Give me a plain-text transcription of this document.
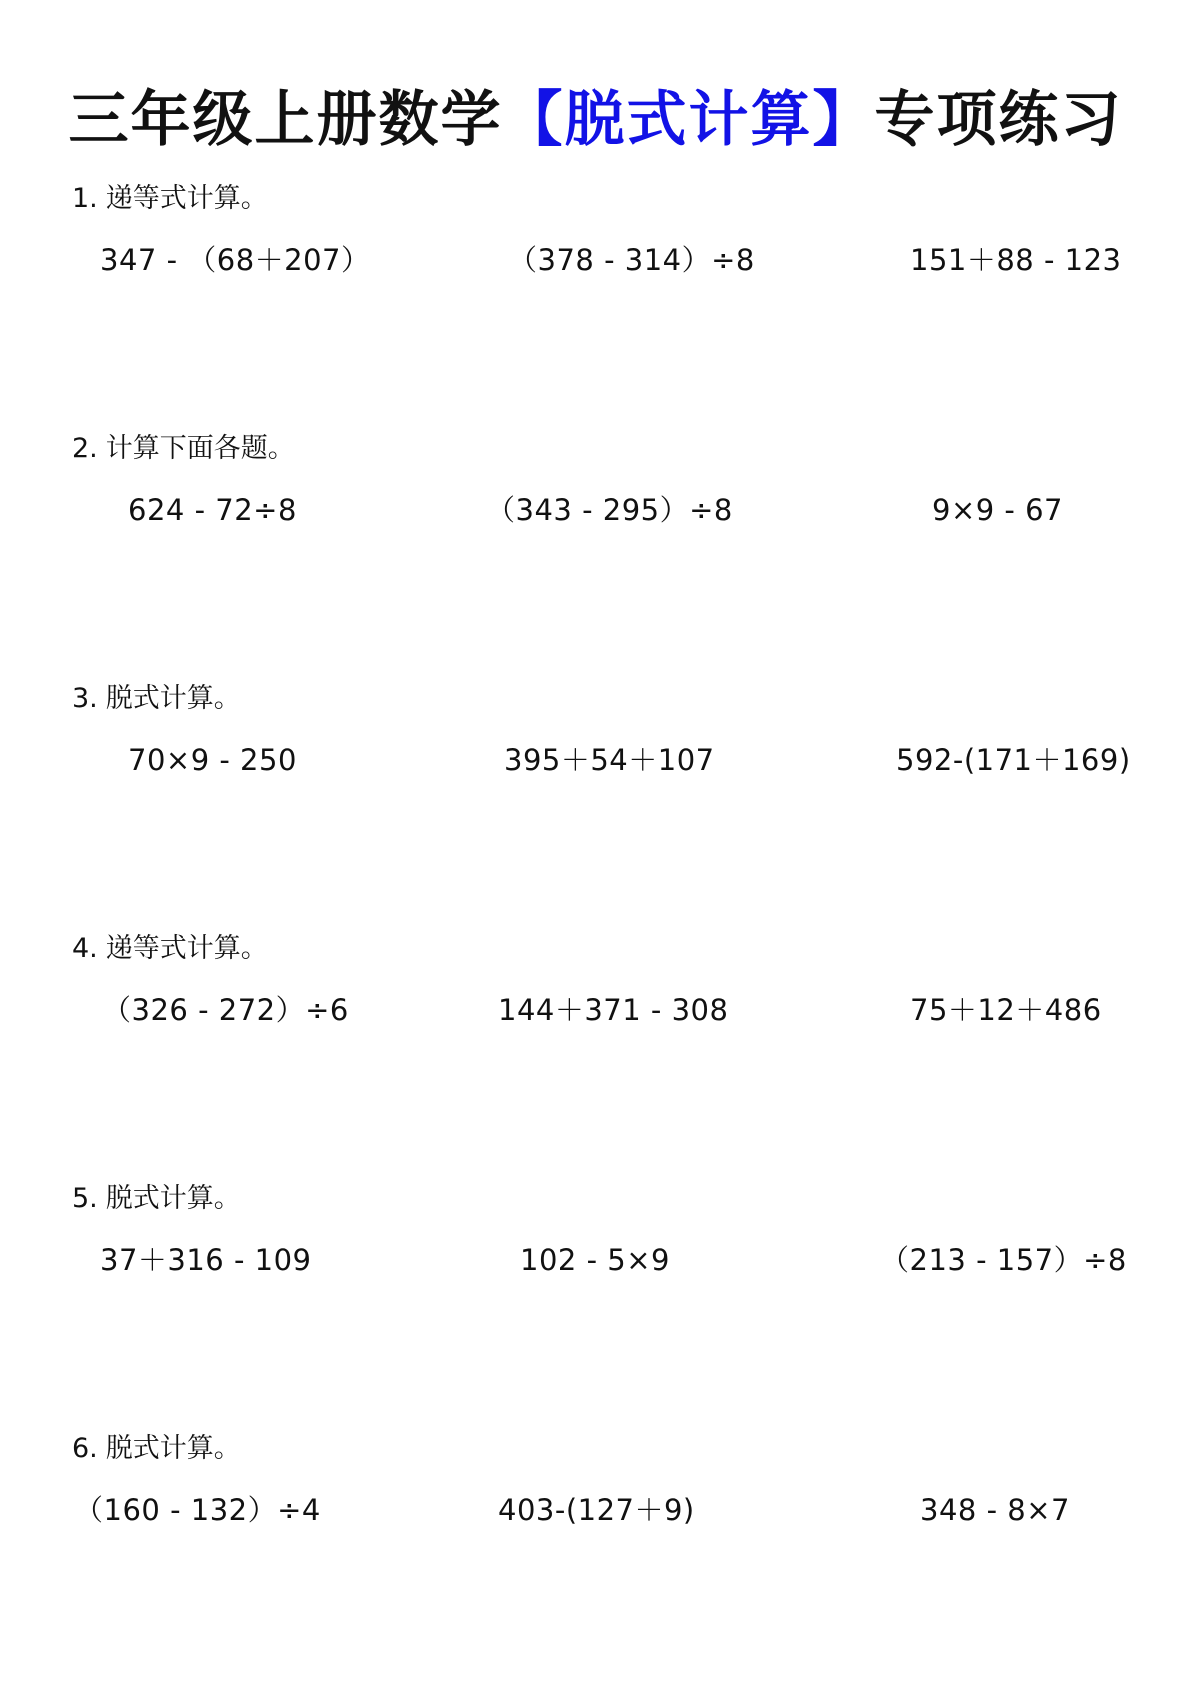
三年级上册数学【脱式计算】专项练习
1. 递等式计算。
347 - （68＋207）	（378 - 314）÷8	151＋88 - 123
2. 计算下面各题。
624 - 72÷8	（343 - 295）÷8	9×9 - 67
3. 脱式计算。
70×9 - 250	395＋54＋107	592-(171＋169)
4. 递等式计算。
（326 - 272）÷6	144＋371 - 308	75＋12＋486
5. 脱式计算。
37＋316 - 109	102 - 5×9	（213 - 157）÷8
6. 脱式计算。
（160 - 132）÷4	403-(127＋9)	348 - 8×7
